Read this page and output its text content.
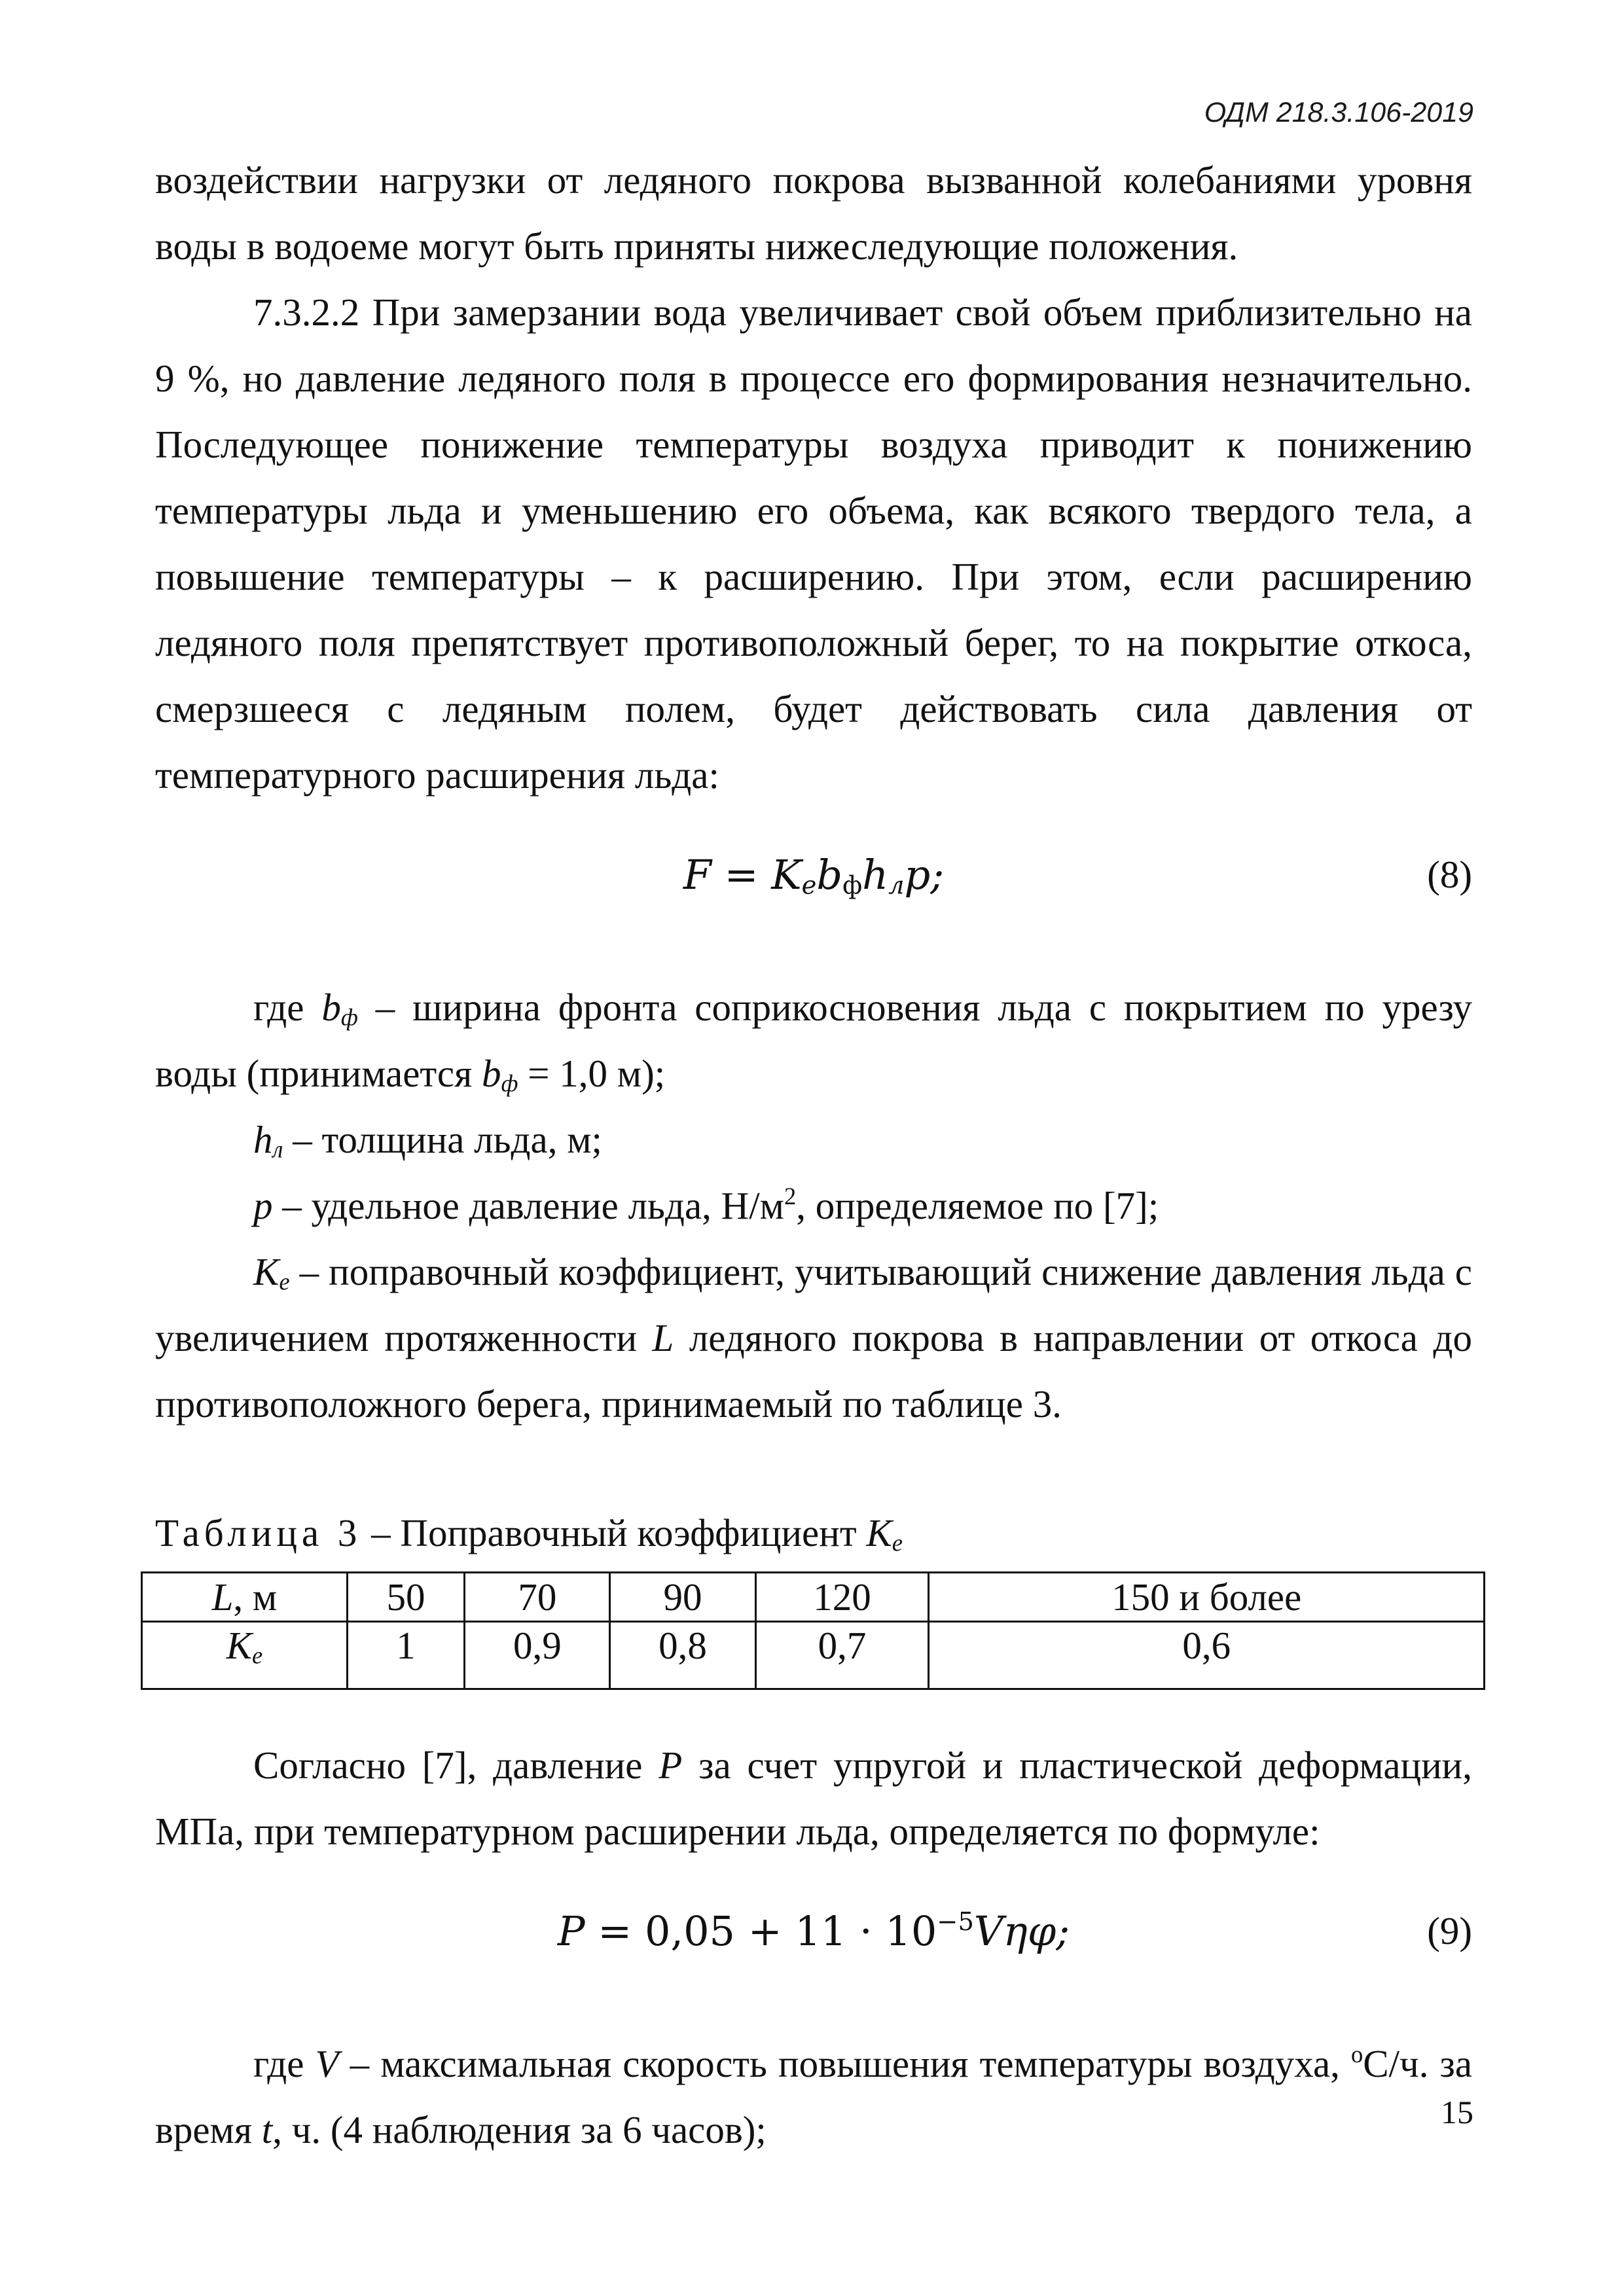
ОДМ 218.3.106-2019

воздействии нагрузки от ледяного покрова вызванной колебаниями уровня воды в водоеме могут быть приняты нижеследующие положения.

7.3.2.2 При замерзании вода увеличивает свой объем приблизительно на 9 %, но давление ледяного поля в процессе его формирования незначительно. Последующее понижение температуры воздуха приводит к понижению температуры льда и уменьшению его объема, как всякого твердого тела, а повышение температуры – к расширению. При этом, если расширению ледяного поля препятствует противоположный берег, то на покрытие откоса, смерзшееся с ледяным полем, будет действовать сила давления от температурного расширения льда:

$F = K_eb_фh_лp$;	(8)

где $b_ф$ – ширина фронта соприкосновения льда с покрытием по урезу воды (принимается $b_ф = 1,0$ м);

$h_л$ – толщина льда, м;

p – удельное давление льда, $Н/м^2$, определяемое по [7];

$K_e$ – поправочный коэффициент, учитывающий снижение давления льда с увеличением протяженности L ледяного покрова в направлении от откоса до противоположного берега, принимаемый по таблице 3.

Таблица 3 – Поправочный коэффициент $K_e$

L, м	50	70	90	120	150 и более
$K_e$	1	0,9	0,8	0,7	0,6

Согласно [7], давление P за счет упругой и пластической деформации, МПа, при температурном расширении льда, определяется по формуле:

$P = 0,05 + 11 \cdot 10^{-5}V\eta\varphi$;	(9)

где V – максимальная скорость повышения температуры воздуха, $^o$С/ч. за время t, ч. (4 наблюдения за 6 часов);	15
